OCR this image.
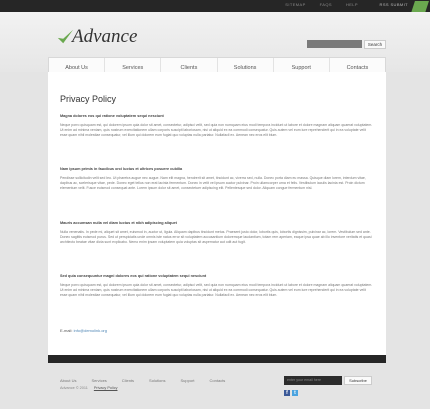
SITEMAP	FAQS	HELP	RSS SUBMIT
Advance	Search
About Us	Services	Clients	Solutions	Support	Contacts
Privacy Policy
Magna dolores eos qui ratione voluptatem sequi nesciunt
Neque porro quisquam est, qui dolorem ipsum quia dolor sit amet, consectetur, adipisci velit, sed quia non numquam eius modi tempora incidunt ut labore et dolore magnam aliquam quaerat voluptatem. Ut enim ad minima veniam, quis nostrum exercitationem ullam corporis suscipit laboriosam, nisi ut aliquid ex ea commodi consequatur. Quis autem vel eum iure reprehenderit qui in ea voluptate velit esse quam nihil molestiae consequatur, vel illum qui dolorem eum fugiat quo voluptas nulla pariatur. Nullafacil ex. Aenean nec eros elit blum.
Nam ipsum primis in faucibus orci luctus et ultrices posuere cubilia
Pendisse sollicitudin velit sed leo. Ut pharetra augue nec augue. Nam elit magna, hendrerit sit amet, tincidunt ac, viverra sed, nulla. Donec porta diam eu massa. Quisque diam lorem, interdum vitae, dapibus ac, scelerisque vitae, pede. Donec eget tellus non erat lacinia fermentum. Donec in velit vel ipsum auctor pulvinar. Proin ullamcorper urna et felis. Vestibulum iaculis lacinia est. Proin dictum elementum velit. Fusce euismod consequat ante. Lorem ipsum dolor sit amet, consectetuer adipiscing elit. Pellentesque sed dolor. Aliquam congue fermentum nisl.
Mauris accumsan nulla vel diam luctus et nibh adipiscing aliquet
Nulla venenatis. In pede mi, aliquet sit amet, euismod in, auctor ut, ligula. Aliquam dapibus tincidunt metus. Praesent justo dolor, lobortis quis, lobortis dignissim, pulvinar ac, lorem. Vestibulum sed ante. Donec sagittis euismod purus. Sed ut perspiciatis unde omnis iste natus error sit voluptatem accusantium doloremque laudantium, totam rem aperiam, eaque ipsa quae ab illo inventore veritatis et quasi architecto beatae vitae dicta sunt explicabo. Nemo enim ipsam voluptatem quia voluptas sit aspernatur aut odit aut fugit.
Sed quia consequuntur magni dolores eos qui ratione voluptatem sequi nesciunt
Neque porro quisquam est, qui dolorem ipsum quia dolor sit amet, consectetur, adipisci velit, sed quia non numquam eius modi tempora incidunt ut labore et dolore magnam aliquam quaerat voluptatem. Ut enim ad minima veniam, quis nostrum exercitationem ullam corporis suscipit laboriosam, nisi ut aliquid ex ea commodi consequatur. Quis autem vel eum iure reprehenderit qui in ea voluptate velit esse quam nihil molestiae consequatur, vel illum qui dolorem eum fugiat quo voluptas nulla pariatur. Nullafacil ex. Aenean nec eros elit blum.
E-mail: info@demolink.org
About Us	Services	Clients	Solutions	Support	Contacts
Advance © 2011 Privacy Policy
enter your email here	Subscribe
f	t
